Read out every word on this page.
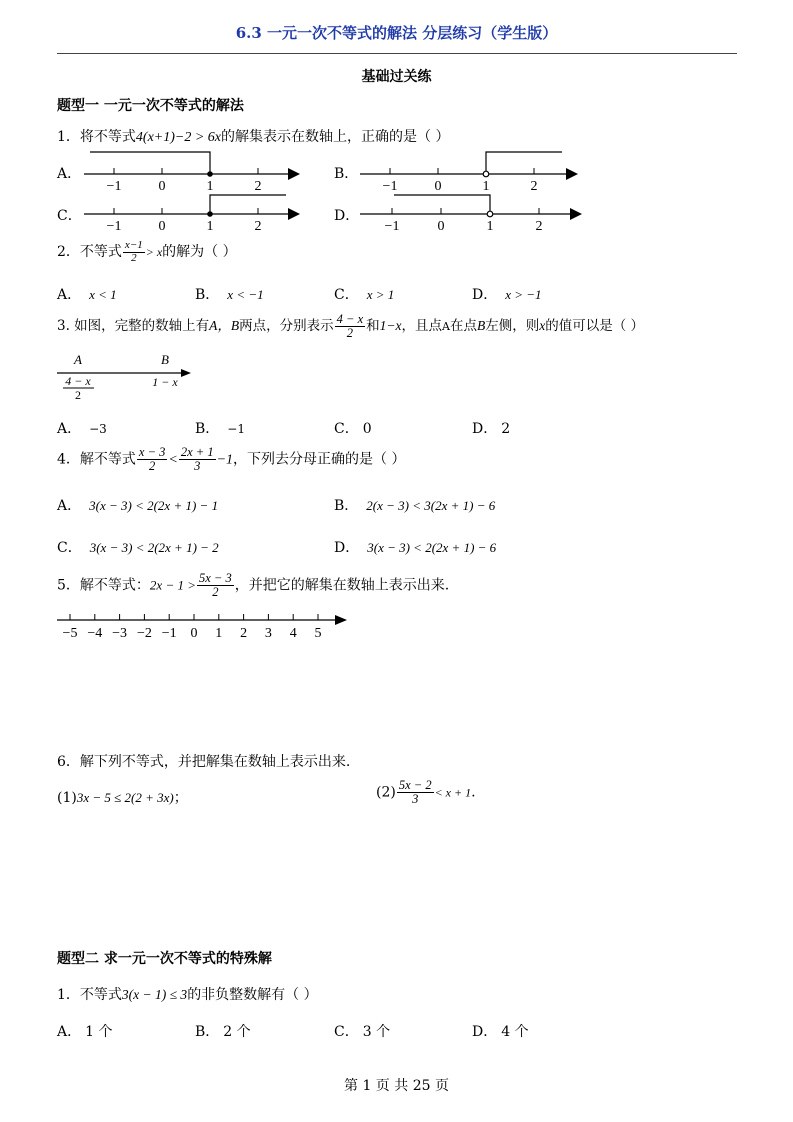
6.3 一元一次不等式的解法 分层练习（学生版）
基础过关练
题型一 一元一次不等式的解法
1．将不等式4(x+1)−2 > 6x的解集表示在数轴上，正确的是（ ）
A．
−1	0	1	2
B．
−1	0	1	2
C．
−1	0	1	2
D．
−1	0	1	2
2．不等式 $\frac{x-1}{2} > x$的解为（ ）
A． x < 1	B． x < −1	C． x > 1	D． x > −1
3. 如图，完整的数轴上有A，B两点，分别表示 $\frac{4 - x}{2}$ 和1−x，且点A在点B左侧，则x的值可以是（ ）
A	B
4 − x
2
1 − x
A． −3	B． −1	C． 0	D． 2
4．解不等式 $\frac{x - 3}{2} < \frac{2x + 1}{3} -1$，下列去分母正确的是（ ）
A． 3(x − 3) < 2(2x + 1) − 1	B． 2(x − 3) < 3(2x + 1) − 6
C． 3(x − 3) < 2(2x + 1) − 2	D． 3(x − 3) < 2(2x + 1) − 6
5．解不等式：$2x - 1 > \frac{5x - 3}{2}$ ，并把它的解集在数轴上表示出来.
−5 −4 −3 −2 −1 0 1 2 3 4 5
6．解下列不等式，并把解集在数轴上表示出来.
(1)3x − 5 ≤ 2(2 + 3x)；	$(2) \frac{5x - 2}{3} < x + 1$.
题型二 求一元一次不等式的特殊解
1．不等式3(x − 1) ≤ 3的非负整数解有（ ）
A． 1 个	B． 2 个	C． 3 个	D． 4 个
第 1 页 共 25 页
